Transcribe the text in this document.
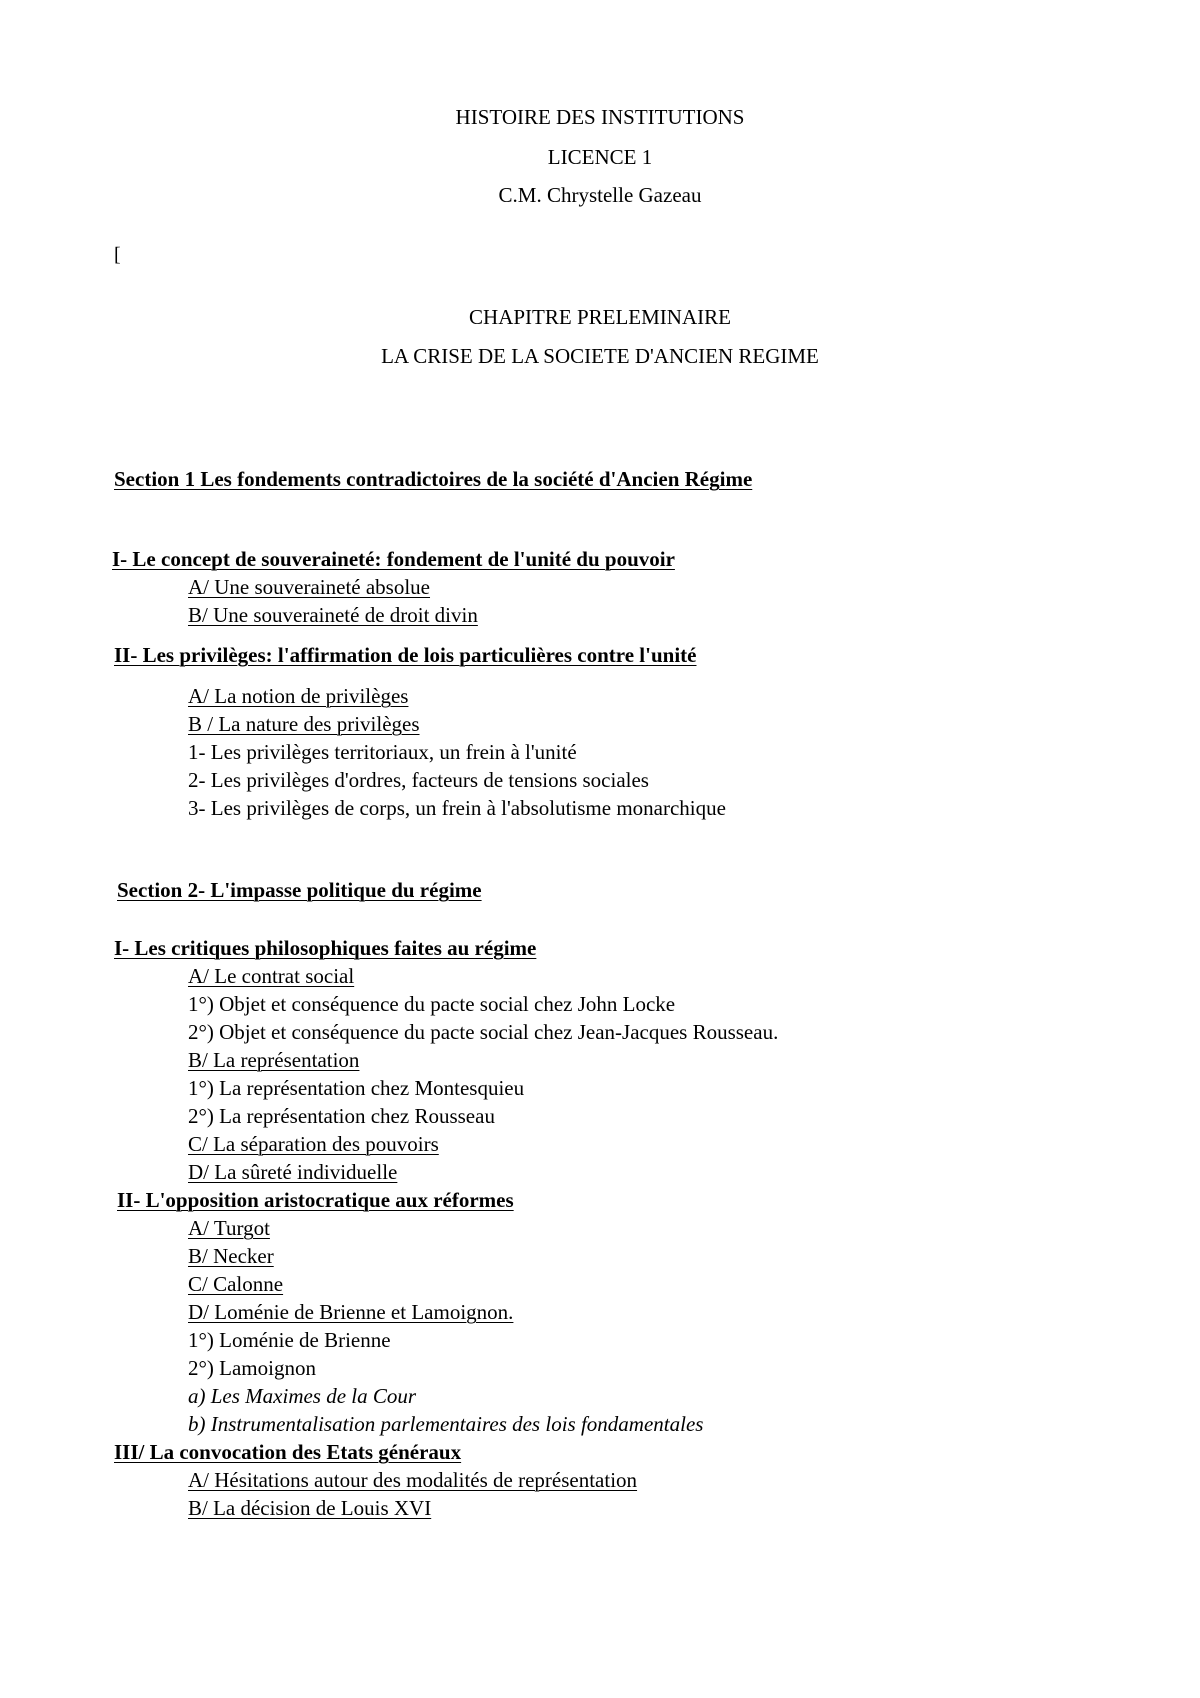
HISTOIRE DES INSTITUTIONS
LICENCE 1
C.M. Chrystelle Gazeau
[
CHAPITRE PRELEMINAIRE
LA CRISE DE LA SOCIETE D'ANCIEN REGIME
Section 1 Les fondements contradictoires de la société d'Ancien Régime
I- Le concept de souveraineté: fondement de l'unité du pouvoir
A/ Une souveraineté absolue
B/ Une souveraineté de droit divin
II- Les privilèges: l'affirmation de lois particulières contre l'unité
A/ La notion de privilèges
B / La nature des privilèges
1- Les privilèges territoriaux, un frein à l'unité
2- Les privilèges d'ordres, facteurs de tensions sociales
3- Les privilèges de corps, un frein à l'absolutisme monarchique
Section 2- L'impasse politique du régime
I- Les critiques philosophiques faites au régime
A/ Le contrat social
1°) Objet et conséquence du pacte social chez John Locke
2°) Objet et conséquence du pacte social chez Jean-Jacques Rousseau.
B/ La représentation
1°) La représentation chez Montesquieu
2°) La représentation chez Rousseau
C/ La séparation des pouvoirs
D/ La sûreté individuelle
II- L'opposition aristocratique aux réformes
A/ Turgot
B/ Necker
C/ Calonne
D/ Loménie de Brienne et Lamoignon.
1°) Loménie de Brienne
2°) Lamoignon
a) Les Maximes de la Cour
b) Instrumentalisation parlementaires des lois fondamentales
III/ La convocation des Etats généraux
A/ Hésitations autour des modalités de représentation
B/ La décision de Louis XVI
